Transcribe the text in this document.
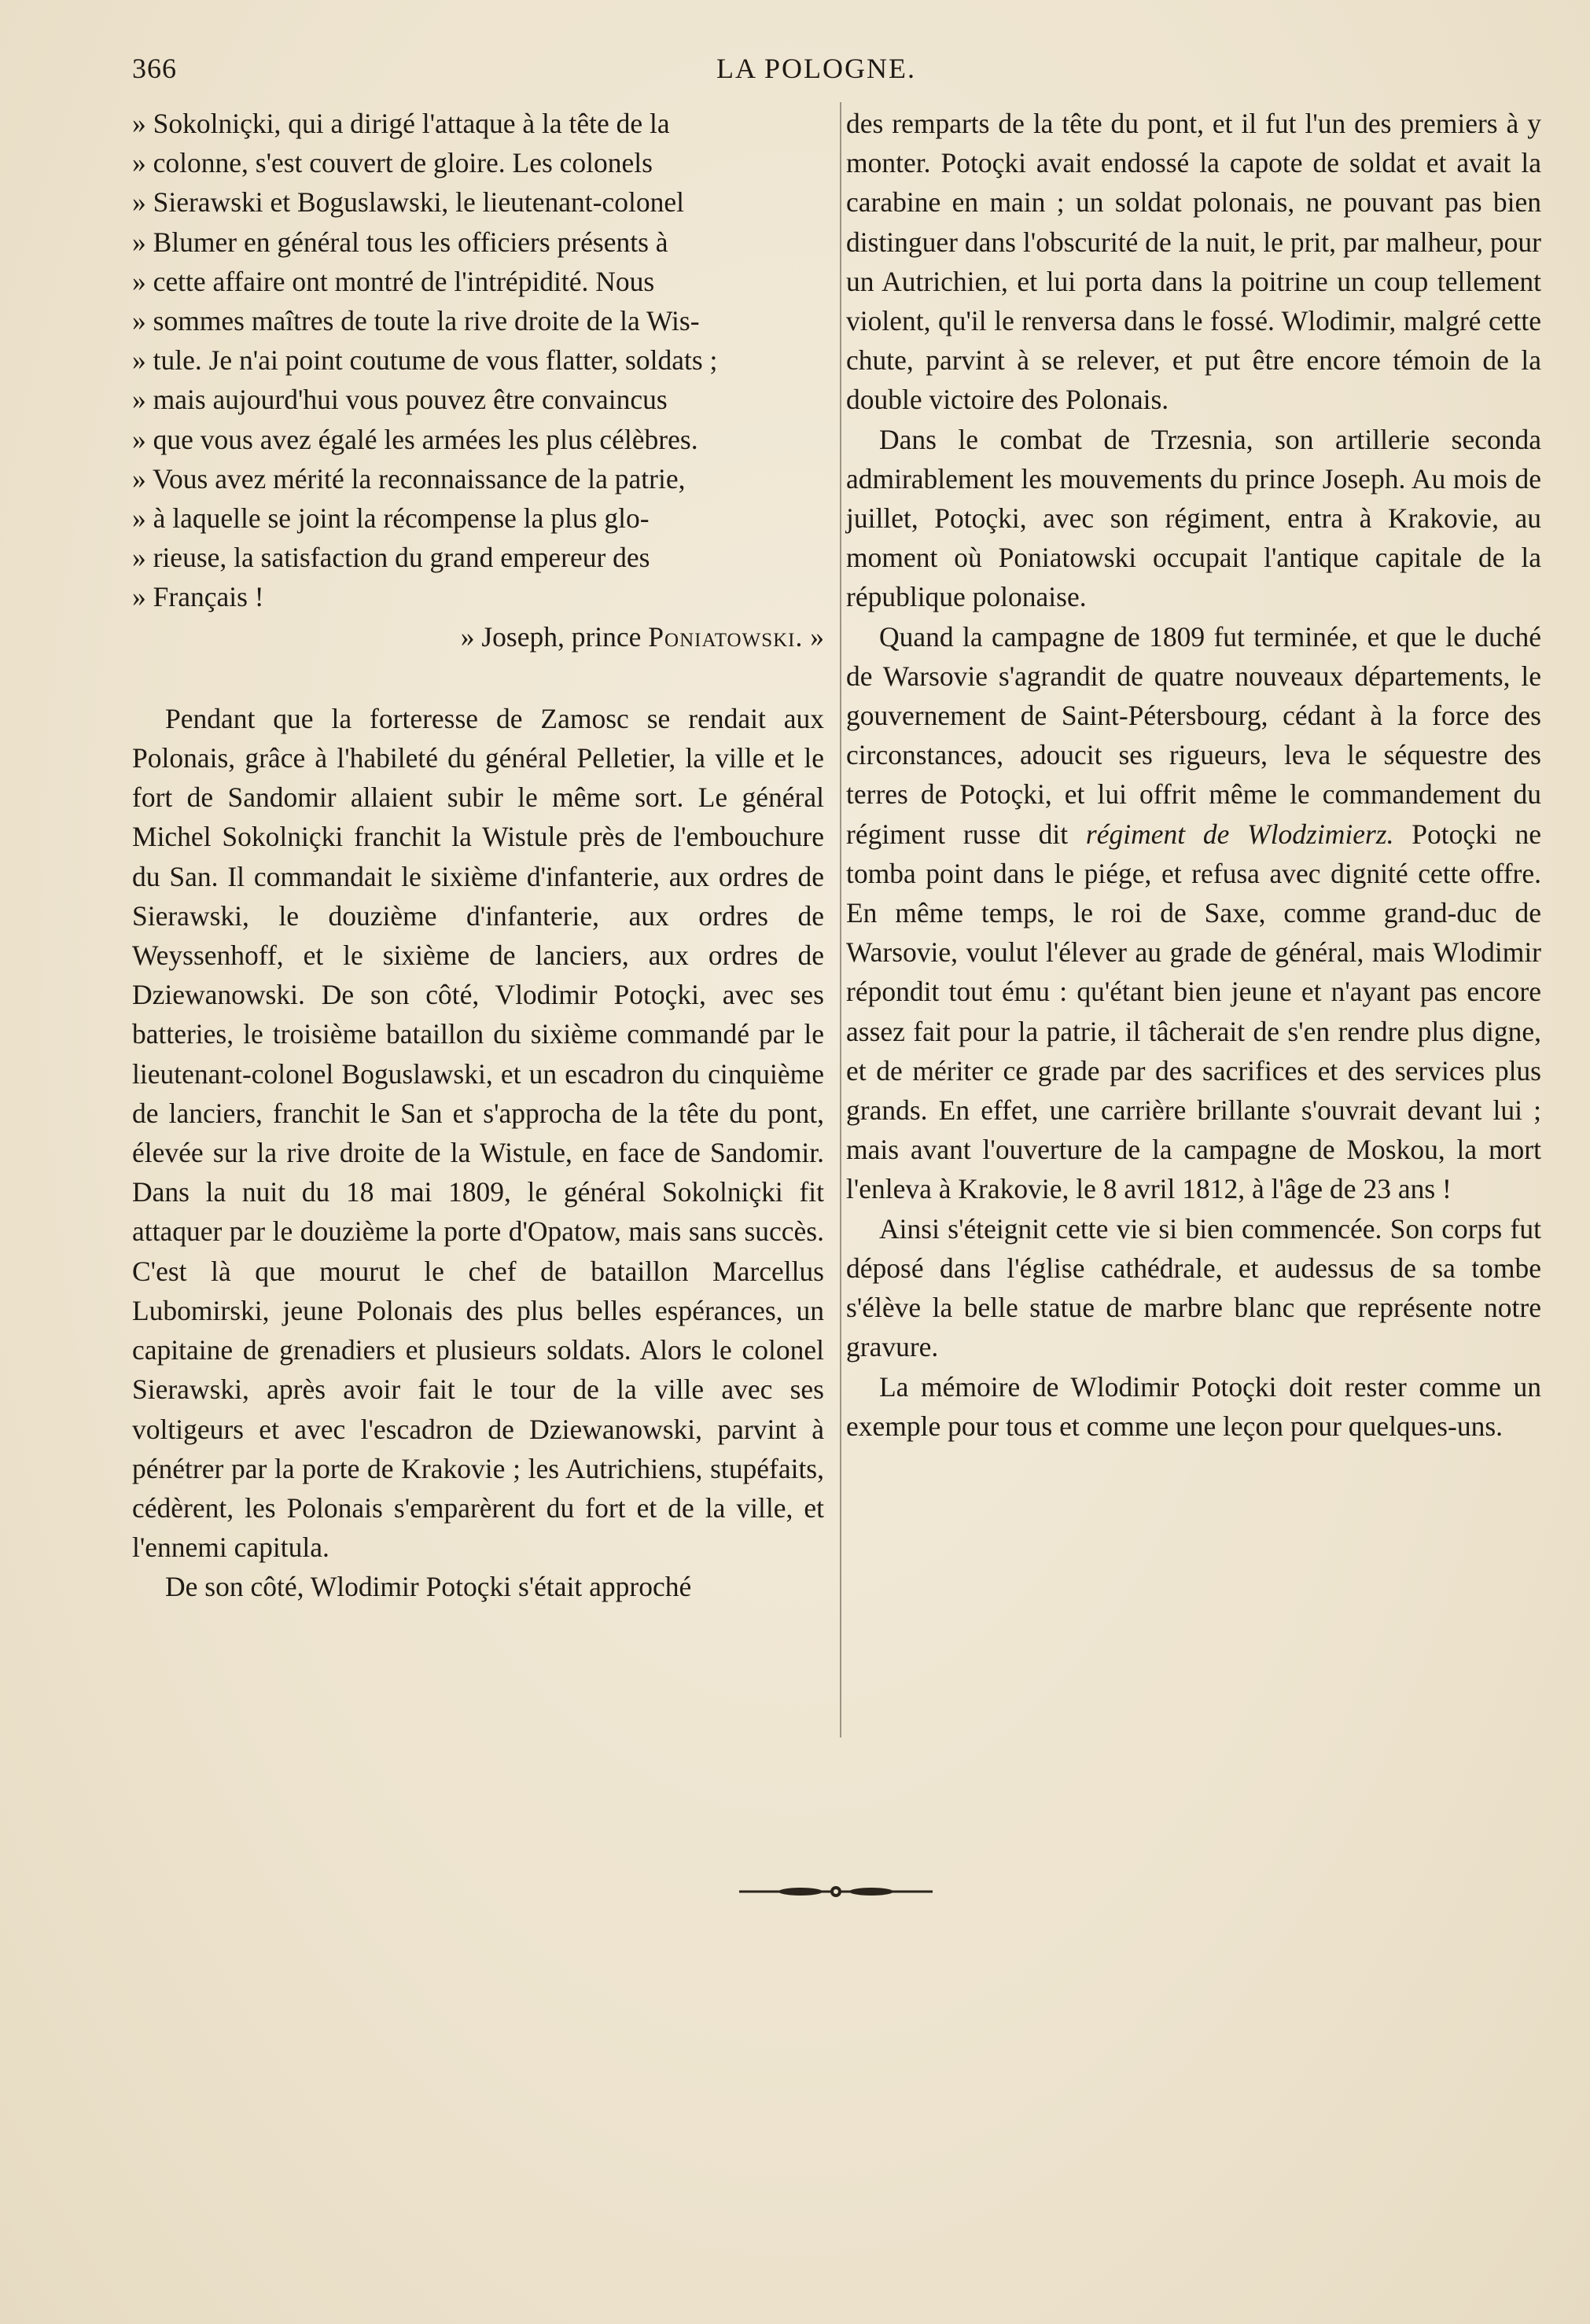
366	LA POLOGNE.
» Sokolniçki, qui a dirigé l'attaque à la tête de la
» colonne, s'est couvert de gloire. Les colonels
» Sierawski et Boguslawski, le lieutenant-colonel
» Blumer en général tous les officiers présents à
» cette affaire ont montré de l'intrépidité. Nous
» sommes maîtres de toute la rive droite de la Wis-
» tule. Je n'ai point coutume de vous flatter, soldats ;
» mais aujourd'hui vous pouvez être convaincus
» que vous avez égalé les armées les plus célèbres.
» Vous avez mérité la reconnaissance de la patrie,
» à laquelle se joint la récompense la plus glo-
» rieuse, la satisfaction du grand empereur des
» Français !

» Joseph, prince Poniatowski. »

Pendant que la forteresse de Zamosc se rendait aux Polonais, grâce à l'habileté du général Pelletier, la ville et le fort de Sandomir allaient subir le même sort. Le général Michel Sokolniçki franchit la Wistule près de l'embouchure du San. Il commandait le sixième d'infanterie, aux ordres de Sierawski, le douzième d'infanterie, aux ordres de Weyssenhoff, et le sixième de lanciers, aux ordres de Dziewanowski. De son côté, Vlodimir Potoçki, avec ses batteries, le troisième bataillon du sixième commandé par le lieutenant-colonel Boguslawski, et un escadron du cinquième de lanciers, franchit le San et s'approcha de la tête du pont, élevée sur la rive droite de la Wistule, en face de Sandomir. Dans la nuit du 18 mai 1809, le général Sokolniçki fit attaquer par le douzième la porte d'Opatow, mais sans succès. C'est là que mourut le chef de bataillon Marcellus Lubomirski, jeune Polonais des plus belles espérances, un capitaine de grenadiers et plusieurs soldats. Alors le colonel Sierawski, après avoir fait le tour de la ville avec ses voltigeurs et avec l'escadron de Dziewanowski, parvint à pénétrer par la porte de Krakovie ; les Autrichiens, stupéfaits, cédèrent, les Polonais s'emparèrent du fort et de la ville, et l'ennemi capitula.

De son côté, Wlodimir Potoçki s'était approché

des remparts de la tête du pont, et il fut l'un des premiers à y monter. Potoçki avait endossé la capote de soldat et avait la carabine en main ; un soldat polonais, ne pouvant pas bien distinguer dans l'obscurité de la nuit, le prit, par malheur, pour un Autrichien, et lui porta dans la poitrine un coup tellement violent, qu'il le renversa dans le fossé. Wlodimir, malgré cette chute, parvint à se relever, et put être encore témoin de la double victoire des Polonais.

Dans le combat de Trzesnia, son artillerie seconda admirablement les mouvements du prince Joseph. Au mois de juillet, Potoçki, avec son régiment, entra à Krakovie, au moment où Poniatowski occupait l'antique capitale de la république polonaise.

Quand la campagne de 1809 fut terminée, et que le duché de Warsovie s'agrandit de quatre nouveaux départements, le gouvernement de Saint-Pétersbourg, cédant à la force des circonstances, adoucit ses rigueurs, leva le séquestre des terres de Potoçki, et lui offrit même le commandement du régiment russe dit régiment de Wlodzimierz. Potoçki ne tomba point dans le piége, et refusa avec dignité cette offre. En même temps, le roi de Saxe, comme grand-duc de Warsovie, voulut l'élever au grade de général, mais Wlodimir répondit tout ému : qu'étant bien jeune et n'ayant pas encore assez fait pour la patrie, il tâcherait de s'en rendre plus digne, et de mériter ce grade par des sacrifices et des services plus grands. En effet, une carrière brillante s'ouvrait devant lui ; mais avant l'ouverture de la campagne de Moskou, la mort l'enleva à Krakovie, le 8 avril 1812, à l'âge de 23 ans !

Ainsi s'éteignit cette vie si bien commencée. Son corps fut déposé dans l'église cathédrale, et audessus de sa tombe s'élève la belle statue de marbre blanc que représente notre gravure.

La mémoire de Wlodimir Potoçki doit rester comme un exemple pour tous et comme une leçon pour quelques-uns.
